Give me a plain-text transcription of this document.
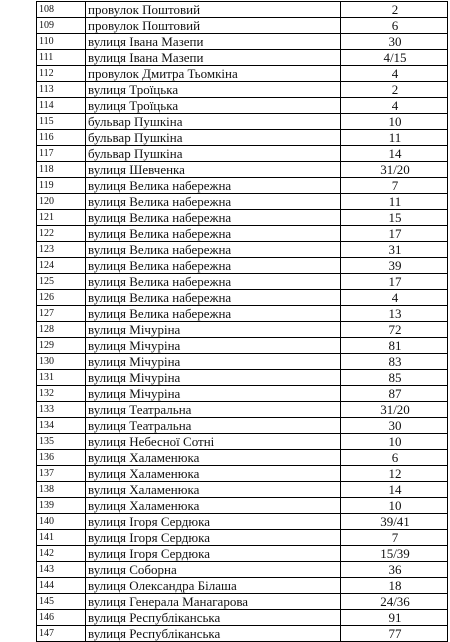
108	провулок Поштовий	2
109	провулок Поштовий	6
110	вулиця Івана Мазепи	30
111	вулиця Івана Мазепи	4/15
112	провулок Дмитра Тьомкіна	4
113	вулиця Троїцька	2
114	вулиця Троїцька	4
115	бульвар Пушкіна	10
116	бульвар Пушкіна	11
117	бульвар Пушкіна	14
118	вулиця Шевченка	31/20
119	вулиця Велика набережна	7
120	вулиця Велика набережна	11
121	вулиця Велика набережна	15
122	вулиця Велика набережна	17
123	вулиця Велика набережна	31
124	вулиця Велика набережна	39
125	вулиця Велика набережна	17
126	вулиця Велика набережна	4
127	вулиця Велика набережна	13
128	вулиця Мічуріна	72
129	вулиця Мічуріна	81
130	вулиця Мічуріна	83
131	вулиця Мічуріна	85
132	вулиця Мічуріна	87
133	вулиця Театральна	31/20
134	вулиця Театральна	30
135	вулиця Небесної Сотні	10
136	вулиця Халаменюка	6
137	вулиця Халаменюка	12
138	вулиця Халаменюка	14
139	вулиця Халаменюка	10
140	вулиця Ігоря Сердюка	39/41
141	вулиця Ігоря Сердюка	7
142	вулиця Ігоря Сердюка	15/39
143	вулиця Соборна	36
144	вулиця Олександра Білаша	18
145	вулиця Генерала Манагарова	24/36
146	вулиця Республіканська	91
147	вулиця Республіканська	77
